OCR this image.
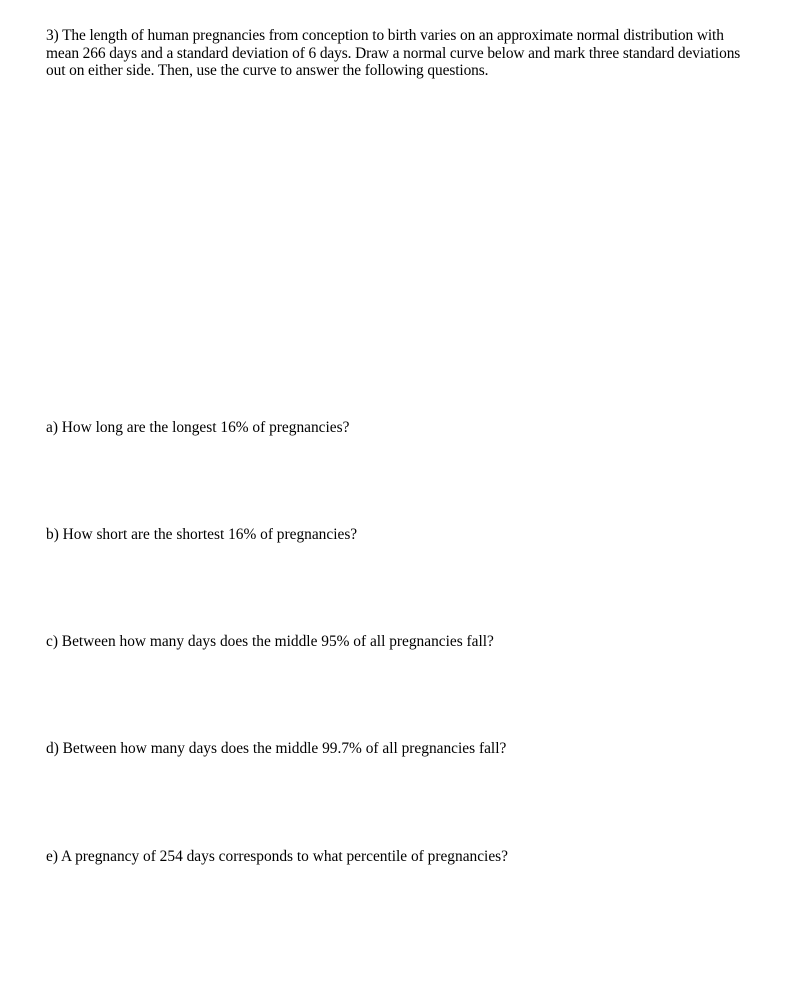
3) The length of human pregnancies from conception to birth varies on an approximate normal distribution with mean 266 days and a standard deviation of 6 days. Draw a normal curve below and mark three standard deviations out on either side. Then, use the curve to answer the following questions.

a) How long are the longest 16% of pregnancies?

b) How short are the shortest 16% of pregnancies?

c) Between how many days does the middle 95% of all pregnancies fall?

d) Between how many days does the middle 99.7% of all pregnancies fall?

e) A pregnancy of 254 days corresponds to what percentile of pregnancies?
